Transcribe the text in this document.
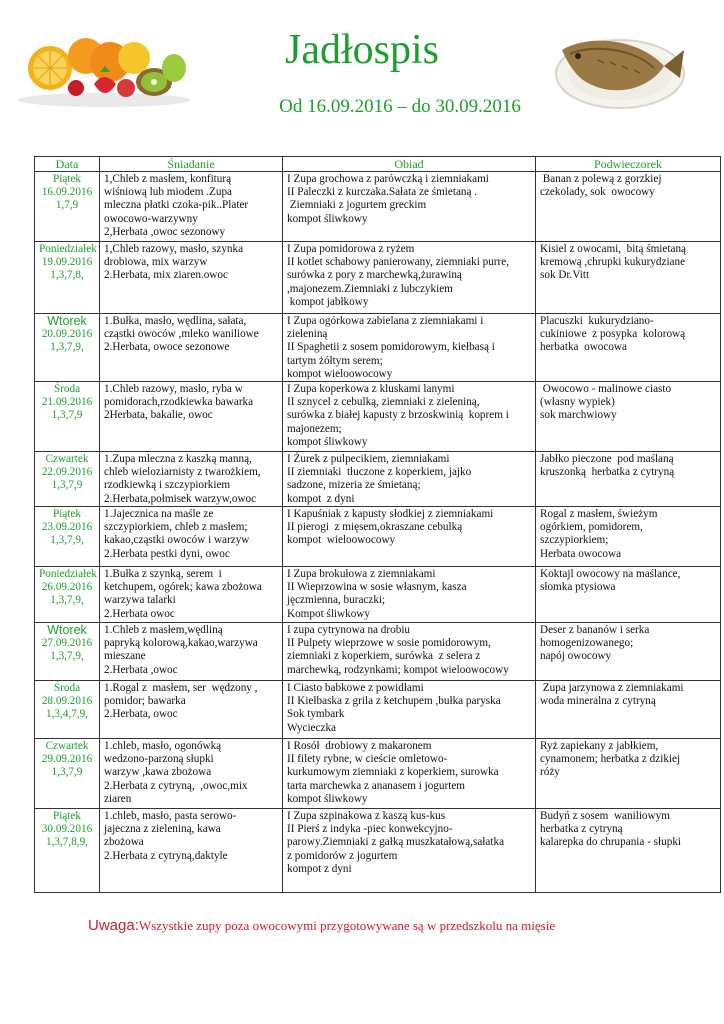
Jadłospis
Od 16.09.2016 – do 30.09.2016
Data	Śniadanie	Obiad	Podwieczorek

Piątek
16.09.2016
1,7,9	1,Chleb z masłem, konfiturą
wiśniową lub miodem .Zupa
mleczna płatki czoka-pik..Plater
owocowo-warzywny
2,Herbata ,owoc sezonowy	I Zupa grochowa z parówczką i ziemniakami
II Paleczki z kurczaka.Sałata ze śmietaną .
Ziemniaki z jogurtem greckim
kompot śliwkowy	Banan z polewą z gorzkiej
czekolady, sok  owocowy

Poniedziałek
19.09.2016
1,3,7,8,	1,Chleb razowy, masło, szynka
drobiowa, mix warzyw
2.Herbata, mix ziaren.owoc	I Zupa pomidorowa z ryżem
II kotlet schabowy panierowany, ziemniaki purre,
surówka z pory z marchewką,żurawiną
,majonezem.Ziemniaki z lubczykiem
kompot jabłkowy	Kisiel z owocami,  bitą śmietaną
kremową ,chrupki kukurydziane
sok Dr.Vitt

Wtorek
20.09.2016
1,3,7,9,	1.Bułka, masło, wędlina, sałata,
cząstki owoców ,mleko waniliowe
2.Herbata, owoce sezonowe	I Zupa ogórkowa zabielana z ziemniakami i
zieleniną
II Spaghetii z sosem pomidorowym, kiełbasą i
tartym żółtym serem;
kompot wieloowocowy	Placuszki  kukurydziano-
cukiniowe  z posypka  kolorową
herbatka  owocowa

Środa
21.09.2016
1,3,7,9	1.Chleb razowy, masło, ryba w
pomidorach,rzodkiewka bawarka
2Herbata, bakalie, owoc	I Zupa koperkowa z kluskami lanymi
II sznycel z cebulką, ziemniaki z zieleniną,
surówka z białej kapusty z brzoskwinią  koprem i
majonezem;
kompot śliwkowy	Owocowo - malinowe ciasto
(własny wypiek)
sok marchwiowy

Czwartek
22.09.2016
1,3,7,9	1.Zupa mleczna z kaszką manną,
chleb wieloziarnisty z twarożkiem,
rzodkiewką i szczypiorkiem
2.Herbata,połmisek warzyw,owoc	I Żurek z pulpecikiem, ziemniakami
II ziemniaki  tłuczone z koperkiem, jajko
sadzone, mizeria ze śmietaną;
kompot  z dyni	Jabłko pieczone  pod maślaną
kruszonką  herbatka z cytryną

Piątek
23.09.2016
1,3,7,9,	1.Jajecznica na maśle ze
szczypiorkiem, chleb z masłem;
kakao,cząstki owoców i warzyw
2.Herbata pestki dyni, owoc	I Kapuśniak z kapusty słodkiej z ziemniakami
II pierogi  z mięsem,okraszane cebulką
kompot  wieloowocowy	Rogal z masłem, świeżym
ogórkiem, pomidorem,
szczypiorkiem;
Herbata owocowa

Poniedziałek
26.09.2016
1,3,7,9,	1.Bułka z szynką, serem  i
ketchupem, ogórek; kawa zbożowa
warzywa talarki
2.Herbata owoc	I Zupa brokułowa z ziemniakami
II Wieprzowina w sosie własnym, kasza
jęczmienna, buraczki;
Kompot śliwkowy	Koktajl owocowy na maślance,
słomka ptysiowa

Wtorek
27.09.2016
1,3,7,9,	1.Chleb z masłem,wędliną
papryką kolorową,kakao,warzywa
mieszane
2.Herbata ,owoc	I zupa cytrynowa na drobiu
II Pulpety wieprzowe w sosie pomidorowym,
ziemniaki z koperkiem, surówka  z selera z
marchewką, rodzynkami; kompot wieloowocowy	Deser z bananów i serka
homogenizowanego;
napój owocowy

Środa
28.09.2016
1,3,4,7,9,	1.Rogal z  masłem, ser  wędzony ,
pomidor; bawarka
2.Herbata, owoc	I Ciasto babkowe z powidłami
II Kiełbaska z grila z ketchupem ,bułka paryska
Sok tymbark
Wycieczka	Zupa jarzynowa z ziemniakami
woda mineralna z cytryną

Czwartek
29.09.2016
1,3,7,9	1.chleb, masło, ogonówką
wedzono-parzoną słupki
warzyw ,kawa zbożowa
2.Herbata z cytryną,  ,owoc,mix
ziaren	I Rosół  drobiowy z makaronem
II filety rybne, w cieście omletowo-
kurkumowym ziemniaki z koperkiem, surowka
tarta marchewka z ananasem i jogurtem
kompot śliwkowy	Ryż zapiekany z jabłkiem,
cynamonem; herbatka z dzikiej
róży

Piątek
30.09.2016
1,3,7,8,9,	1.chleb, masło, pasta serowo-
jajeczna z zieleniną, kawa
zbożowa
2.Herbata z cytryną,daktyle	I Zupa szpinakowa z kaszą kus-kus
II Pierś z indyka -piec konwekcyjno-
parowy.Ziemniaki z gałką muszkatałową,sałatka
z pomidorów z jogurtem
kompot z dyni	Budyń z sosem  waniliowym
herbatka z cytryną
kalarepka do chrupania - słupki
Uwaga:Wszystkie zupy poza owocowymi przygotowywane są w przedszkolu na mięsie
